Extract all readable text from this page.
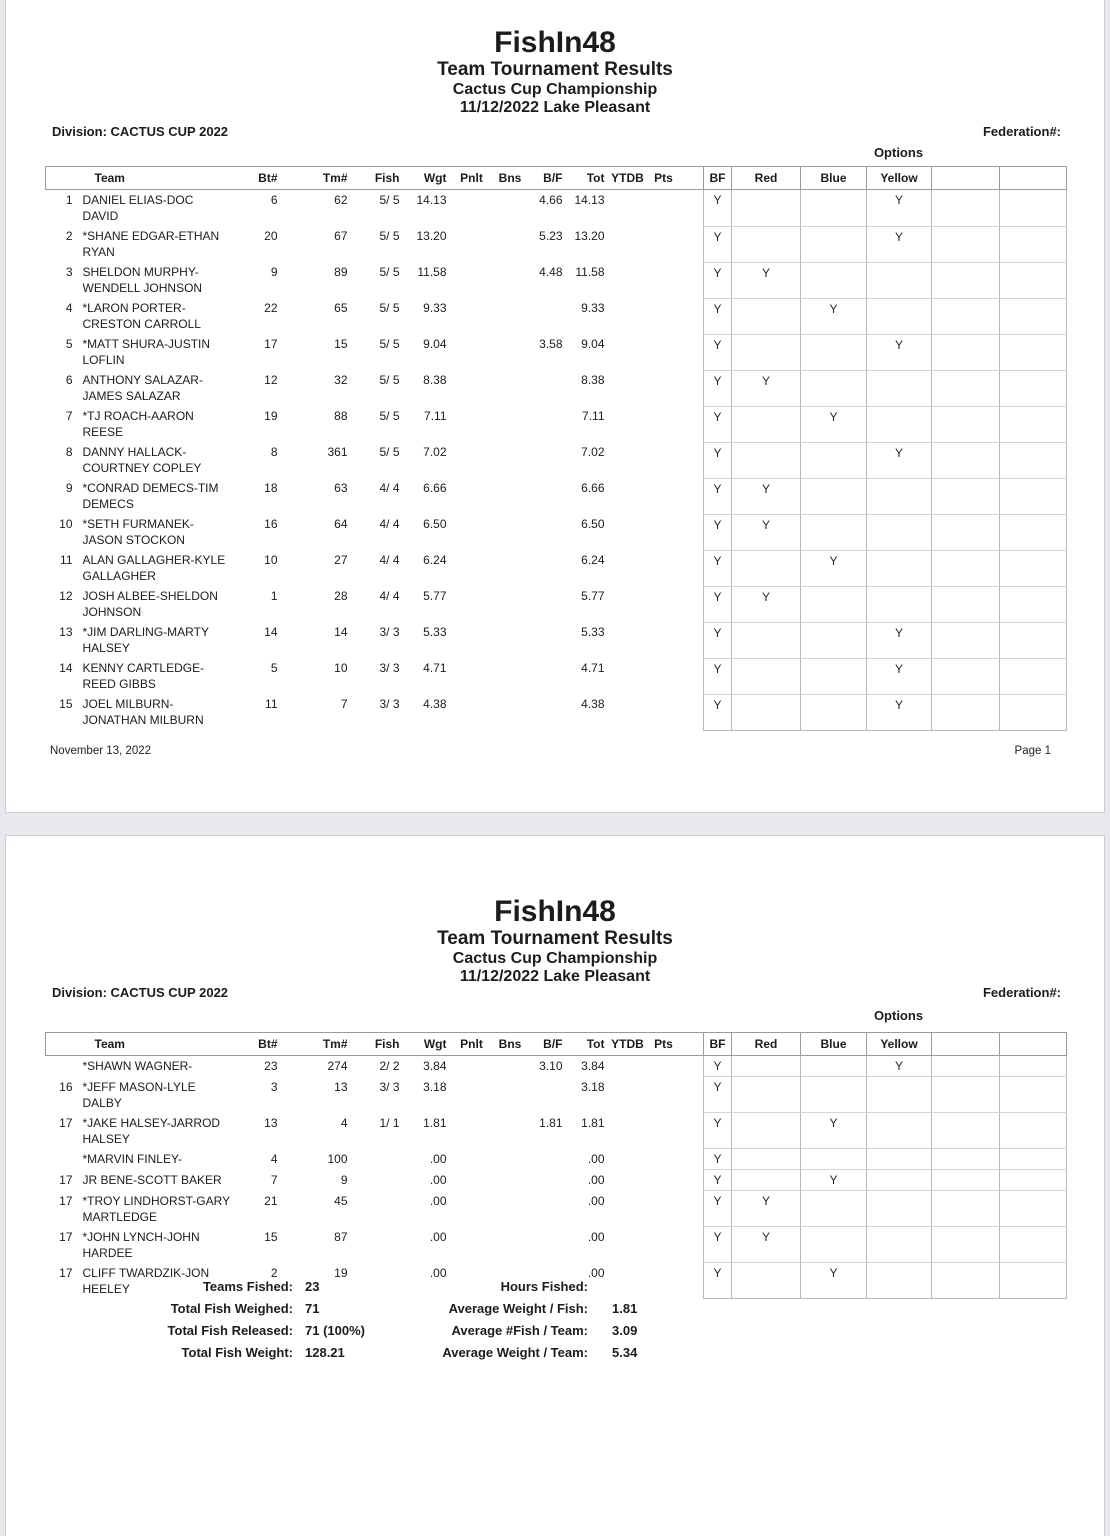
FishIn48
Team Tournament Results
Cactus Cup Championship
11/12/2022 Lake Pleasant
Division: CACTUS CUP 2022	Federation#:
Options
	Team	Bt#	Tm#	Fish	Wgt	Pnlt	Bns	B/F	Tot	YTDB	Pts		BF	Red	Blue	Yellow		
1	DANIEL ELIAS-DOC DAVID	6	62	5/ 5	14.13			4.66	14.13				Y			Y		
2	*SHANE EDGAR-ETHAN RYAN	20	67	5/ 5	13.20			5.23	13.20				Y			Y		
3	SHELDON MURPHY-WENDELL JOHNSON	9	89	5/ 5	11.58			4.48	11.58				Y	Y				
4	*LARON PORTER-CRESTON CARROLL	22	65	5/ 5	9.33				9.33				Y		Y			
5	*MATT SHURA-JUSTIN LOFLIN	17	15	5/ 5	9.04			3.58	9.04				Y			Y		
6	ANTHONY SALAZAR-JAMES SALAZAR	12	32	5/ 5	8.38				8.38				Y	Y				
7	*TJ ROACH-AARON REESE	19	88	5/ 5	7.11				7.11				Y		Y			
8	DANNY HALLACK-COURTNEY COPLEY	8	361	5/ 5	7.02				7.02				Y			Y		
9	*CONRAD DEMECS-TIM DEMECS	18	63	4/ 4	6.66				6.66				Y	Y				
10	*SETH FURMANEK-JASON STOCKON	16	64	4/ 4	6.50				6.50				Y	Y				
11	ALAN GALLAGHER-KYLE GALLAGHER	10	27	4/ 4	6.24				6.24				Y		Y			
12	JOSH ALBEE-SHELDON JOHNSON	1	28	4/ 4	5.77				5.77				Y	Y				
13	*JIM DARLING-MARTY HALSEY	14	14	3/ 3	5.33				5.33				Y			Y		
14	KENNY CARTLEDGE-REED GIBBS	5	10	3/ 3	4.71				4.71				Y			Y		
15	JOEL MILBURN-JONATHAN MILBURN	11	7	3/ 3	4.38				4.38				Y			Y		
November 13, 2022	Page 1
FishIn48
Team Tournament Results
Cactus Cup Championship
11/12/2022 Lake Pleasant
Division: CACTUS CUP 2022	Federation#:
Options
	Team	Bt#	Tm#	Fish	Wgt	Pnlt	Bns	B/F	Tot	YTDB	Pts		BF	Red	Blue	Yellow		
	*SHAWN WAGNER-	23	274	2/ 2	3.84			3.10	3.84				Y			Y		
16	*JEFF MASON-LYLE DALBY	3	13	3/ 3	3.18				3.18				Y					
17	*JAKE HALSEY-JARROD HALSEY	13	4	1/ 1	1.81			1.81	1.81				Y		Y			
	*MARVIN FINLEY-	4	100		.00				.00				Y					
17	JR BENE-SCOTT BAKER	7	9		.00				.00				Y		Y			
17	*TROY LINDHORST-GARY MARTLEDGE	21	45		.00				.00				Y	Y				
17	*JOHN LYNCH-JOHN HARDEE	15	87		.00				.00				Y	Y				
17	CLIFF TWARDZIK-JON HEELEY	2	19		.00				.00				Y		Y			
Teams Fished: 23	Hours Fished:
Total Fish Weighed: 71	Average Weight / Fish:	1.81
Total Fish Released: 71 (100%)	Average #Fish / Team:	3.09
Total Fish Weight: 128.21	Average Weight / Team:	5.34
